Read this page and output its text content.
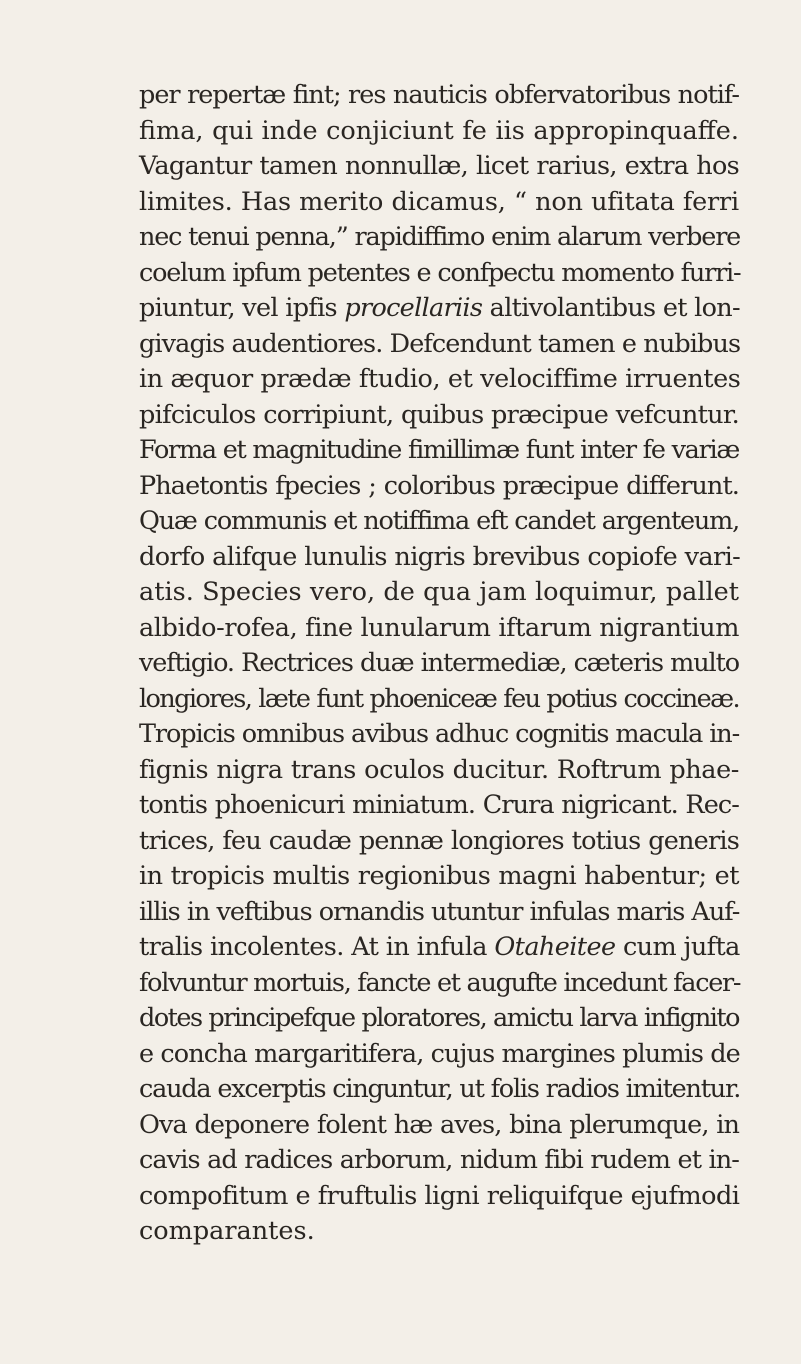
per repertæ fint; res nauticis obfervatoribus notif-
fima, qui inde conjiciunt fe iis appropinquaffe.
Vagantur tamen nonnullæ, licet rarius, extra hos
limites. Has merito dicamus, “ non ufitata ferri
nec tenui penna,” rapidiffimo enim alarum verbere
coelum ipfum petentes e confpectu momento furri-
piuntur, vel ipfis procellariis altivolantibus et lon-
givagis audentiores. Defcendunt tamen e nubibus
in æquor prædæ ftudio, et velociffime irruentes
pifciculos corripiunt, quibus præcipue vefcuntur.
Forma et magnitudine fimillimæ funt inter fe variæ
Phaetontis fpecies ; coloribus præcipue differunt.
Quæ communis et notiffima eft candet argenteum,
dorfo alifque lunulis nigris brevibus copiofe vari-
atis. Species vero, de qua jam loquimur, pallet
albido-rofea, fine lunularum iftarum nigrantium
veftigio. Rectrices duæ intermediæ, cæteris multo
longiores, læte funt phoeniceæ feu potius coccineæ.
Tropicis omnibus avibus adhuc cognitis macula in-
fignis nigra trans oculos ducitur. Roftrum phae-
tontis phoenicuri miniatum. Crura nigricant. Rec-
trices, feu caudæ pennæ longiores totius generis
in tropicis multis regionibus magni habentur; et
illis in veftibus ornandis utuntur infulas maris Auf-
tralis incolentes. At in infula Otaheitee cum jufta
folvuntur mortuis, fancte et augufte incedunt facer-
dotes principefque ploratores, amictu larva infignito
e concha margaritifera, cujus margines plumis de
cauda excerptis cinguntur, ut folis radios imitentur.
Ova deponere folent hæ aves, bina plerumque, in
cavis ad radices arborum, nidum fibi rudem et in-
compofitum e fruftulis ligni reliquifque ejufmodi
comparantes.
